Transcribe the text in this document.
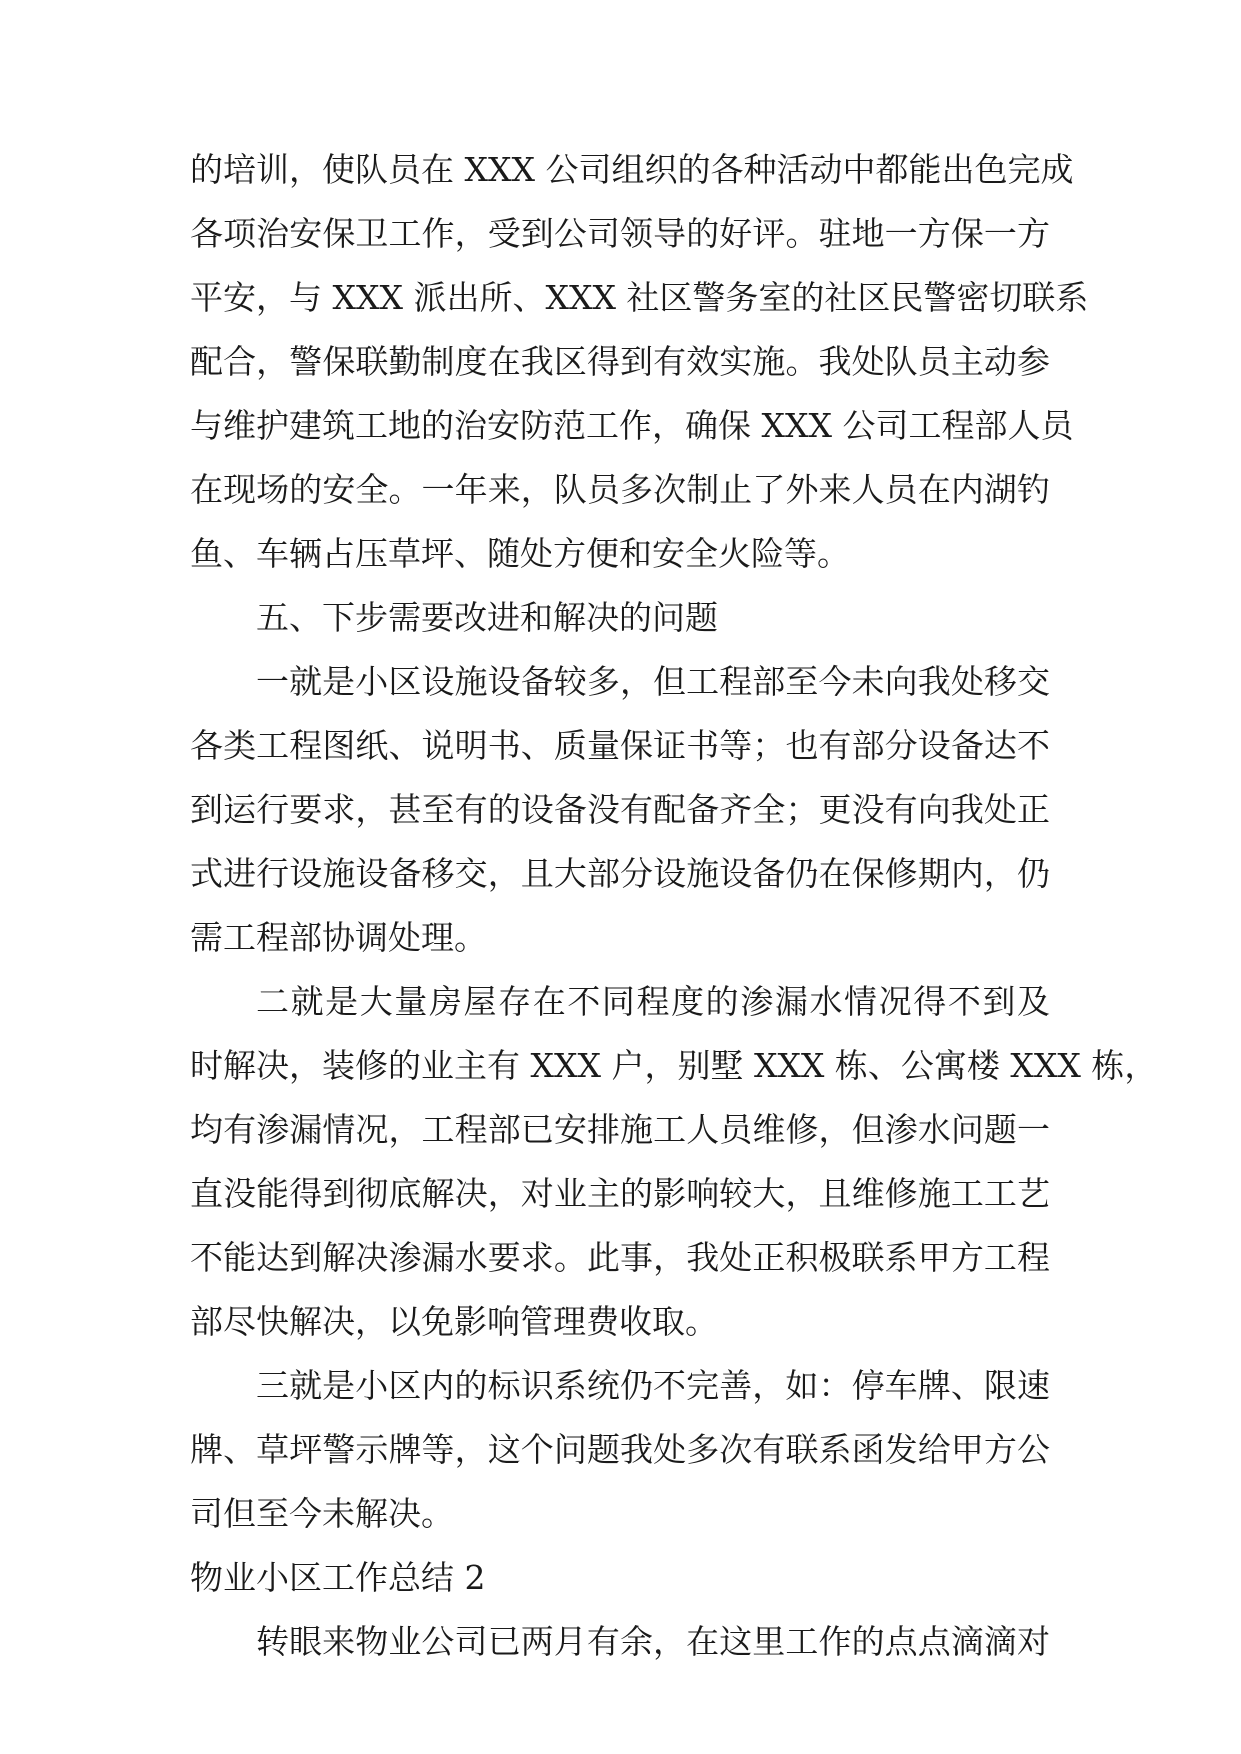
的培训，使队员在 XXX 公司组织的各种活动中都能出色完成
各项治安保卫工作，受到公司领导的好评。驻地一方保一方
平安，与 XXX 派出所、XXX 社区警务室的社区民警密切联系
配合，警保联勤制度在我区得到有效实施。我处队员主动参
与维护建筑工地的治安防范工作，确保 XXX 公司工程部人员
在现场的安全。一年来，队员多次制止了外来人员在内湖钓
鱼、车辆占压草坪、随处方便和安全火险等。
五、下步需要改进和解决的问题
一就是小区设施设备较多，但工程部至今未向我处移交
各类工程图纸、说明书、质量保证书等；也有部分设备达不
到运行要求，甚至有的设备没有配备齐全；更没有向我处正
式进行设施设备移交，且大部分设施设备仍在保修期内，仍
需工程部协调处理。
二就是大量房屋存在不同程度的渗漏水情况得不到及
时解决，装修的业主有 XXX 户，别墅 XXX 栋、公寓楼 XXX 栋，
均有渗漏情况，工程部已安排施工人员维修，但渗水问题一
直没能得到彻底解决，对业主的影响较大，且维修施工工艺
不能达到解决渗漏水要求。此事，我处正积极联系甲方工程
部尽快解决，以免影响管理费收取。
三就是小区内的标识系统仍不完善，如：停车牌、限速
牌、草坪警示牌等，这个问题我处多次有联系函发给甲方公
司但至今未解决。
物业小区工作总结 2
转眼来物业公司已两月有余，在这里工作的点点滴滴对
